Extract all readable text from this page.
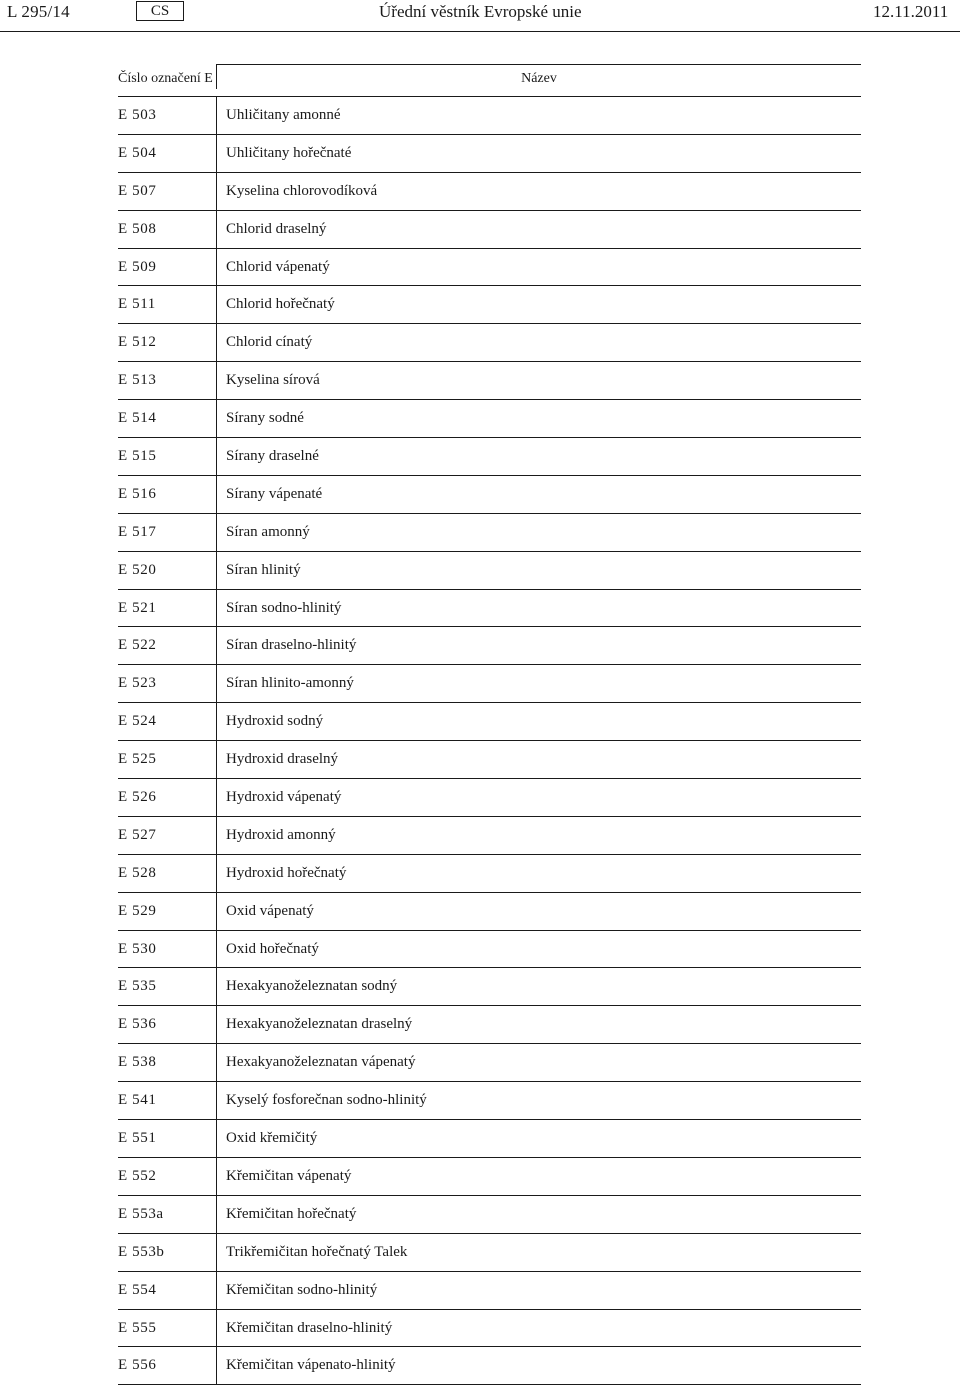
L 295/14	CS	Úřední věstník Evropské unie	12.11.2011
Číslo označení E	Název
E 503	Uhličitany amonné
E 504	Uhličitany hořečnaté
E 507	Kyselina chlorovodíková
E 508	Chlorid draselný
E 509	Chlorid vápenatý
E 511	Chlorid hořečnatý
E 512	Chlorid cínatý
E 513	Kyselina sírová
E 514	Sírany sodné
E 515	Sírany draselné
E 516	Sírany vápenaté
E 517	Síran amonný
E 520	Síran hlinitý
E 521	Síran sodno-hlinitý
E 522	Síran draselno-hlinitý
E 523	Síran hlinito-amonný
E 524	Hydroxid sodný
E 525	Hydroxid draselný
E 526	Hydroxid vápenatý
E 527	Hydroxid amonný
E 528	Hydroxid hořečnatý
E 529	Oxid vápenatý
E 530	Oxid hořečnatý
E 535	Hexakyanoželeznatan sodný
E 536	Hexakyanoželeznatan draselný
E 538	Hexakyanoželeznatan vápenatý
E 541	Kyselý fosforečnan sodno-hlinitý
E 551	Oxid křemičitý
E 552	Křemičitan vápenatý
E 553a	Křemičitan hořečnatý
E 553b	Trikřemičitan hořečnatý Talek
E 554	Křemičitan sodno-hlinitý
E 555	Křemičitan draselno-hlinitý
E 556	Křemičitan vápenato-hlinitý
